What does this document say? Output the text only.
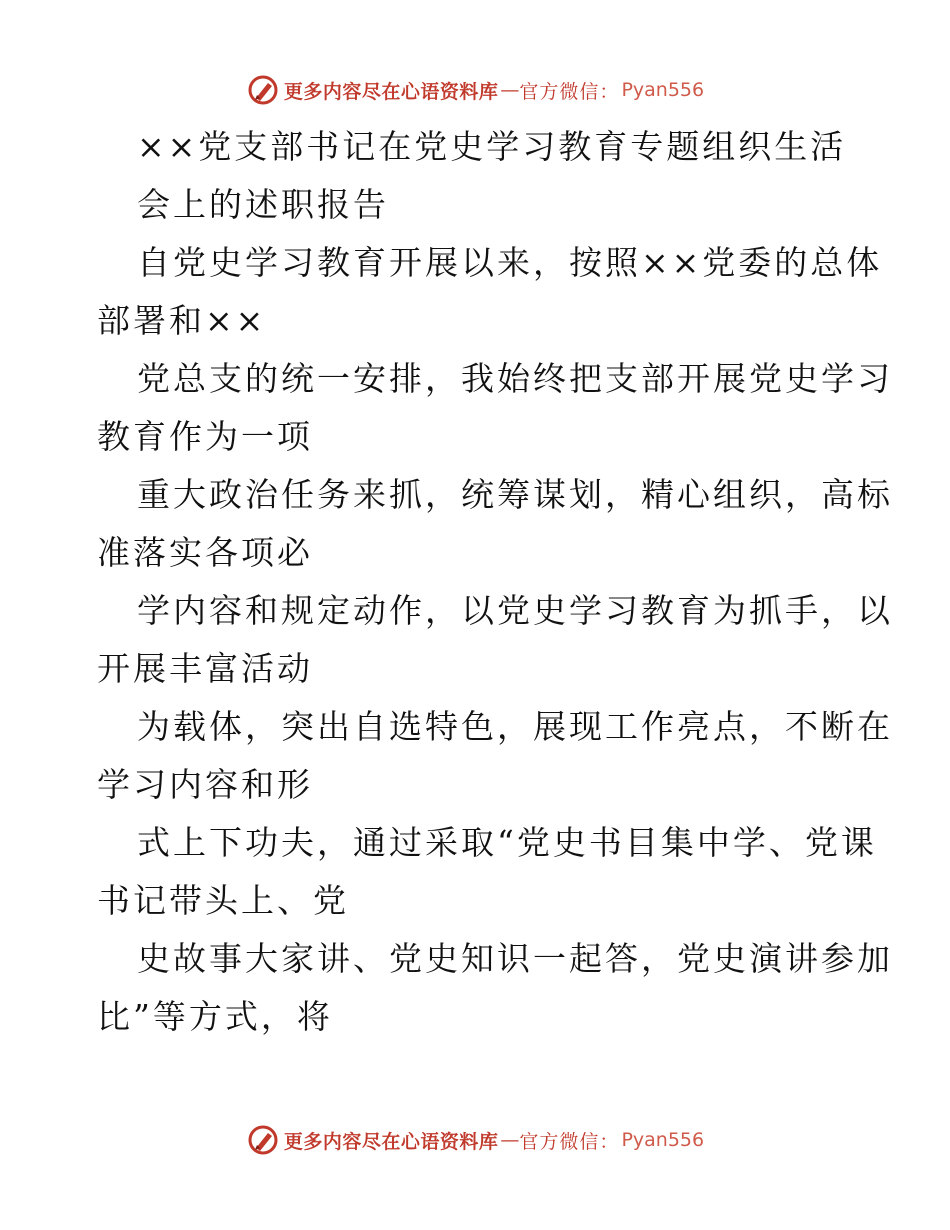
更多内容尽在心语资料库 — 官方微信： Pyan556
××党支部书记在党史学习教育专题组织生活
会上的述职报告
自党史学习教育开展以来，按照××党委的总体
部署和××
党总支的统一安排，我始终把支部开展党史学习
教育作为一项
重大政治任务来抓，统筹谋划，精心组织，高标
准落实各项必
学内容和规定动作，以党史学习教育为抓手，以
开展丰富活动
为载体，突出自选特色，展现工作亮点，不断在
学习内容和形
式上下功夫，通过采取“党史书目集中学、党课
书记带头上、党
史故事大家讲、党史知识一起答，党史演讲参加
比”等方式，将
更多内容尽在心语资料库 — 官方微信： Pyan556
